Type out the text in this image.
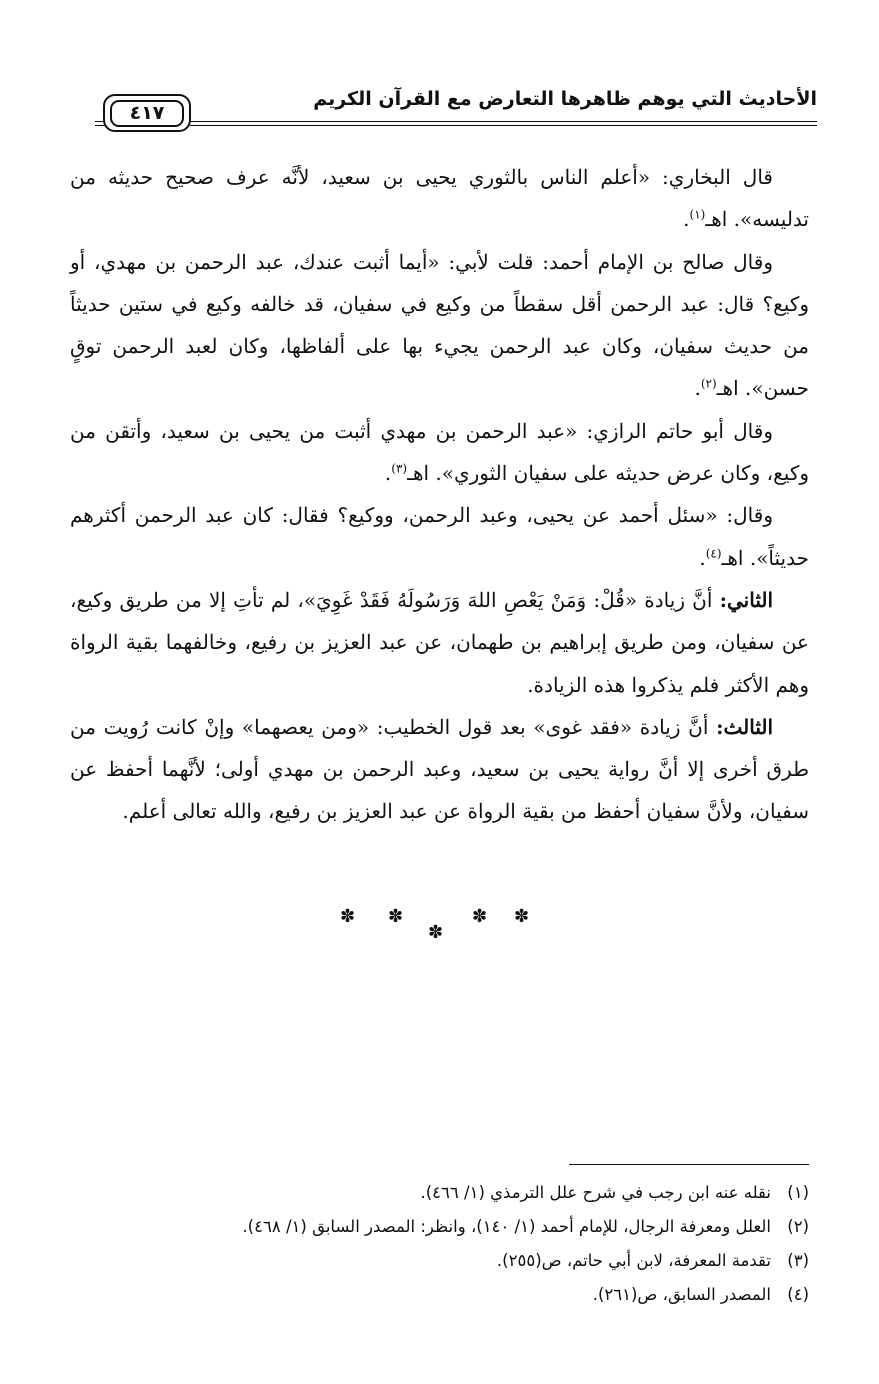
الأحاديث التي يوهم ظاهرها التعارض مع القرآن الكريم
٤١٧

قال البخاري: «أعلم الناس بالثوري يحيى بن سعيد، لأنَّه عرف صحيح حديثه من تدليسه». اهـ$^{(١)}$.

وقال صالح بن الإمام أحمد: قلت لأبي: «أيما أثبت عندك، عبد الرحمن بن مهدي، أو وكيع؟ قال: عبد الرحمن أقل سقطاً من وكيع في سفيان، قد خالفه وكيع في ستين حديثاً من حديث سفيان، وكان عبد الرحمن يجيء بها على ألفاظها، وكان لعبد الرحمن توقٍ حسن». اهـ$^{(٢)}$.

وقال أبو حاتم الرازي: «عبد الرحمن بن مهدي أثبت من يحيى بن سعيد، وأتقن من وكيع، وكان عرض حديثه على سفيان الثوري». اهـ$^{(٣)}$.

وقال: «سئل أحمد عن يحيى، وعبد الرحمن، ووكيع؟ فقال: كان عبد الرحمن أكثرهم حديثاً». اهـ$^{(٤)}$.

الثاني: أنَّ زيادة «قُلْ: وَمَنْ يَعْصِ اللهَ وَرَسُولَهُ فَقَدْ غَوِيَ»، لم تأتِ إلا من طريق وكيع، عن سفيان، ومن طريق إبراهيم بن طهمان، عن عبد العزيز بن رفيع، وخالفهما بقية الرواة وهم الأكثر فلم يذكروا هذه الزيادة.

الثالث: أنَّ زيادة «فقد غوى» بعد قول الخطيب: «ومن يعصهما» وإنْ كانت رُويت من طرق أخرى إلا أنَّ رواية يحيى بن سعيد، وعبد الرحمن بن مهدي أولى؛ لأنَّهما أحفظ عن سفيان، ولأنَّ سفيان أحفظ من بقية الرواة عن عبد العزيز بن رفيع، والله تعالى أعلم.

✽ ✽
✽
✽ ✽
(١)نقله عنه ابن رجب في شرح علل الترمذي (١/ ٤٦٦).
(٢)العلل ومعرفة الرجال، للإمام أحمد (١/ ١٤٠)، وانظر: المصدر السابق (١/ ٤٦٨).
(٣)تقدمة المعرفة، لابن أبي حاتم، ص(٢٥٥).
(٤)المصدر السابق، ص(٢٦١).
